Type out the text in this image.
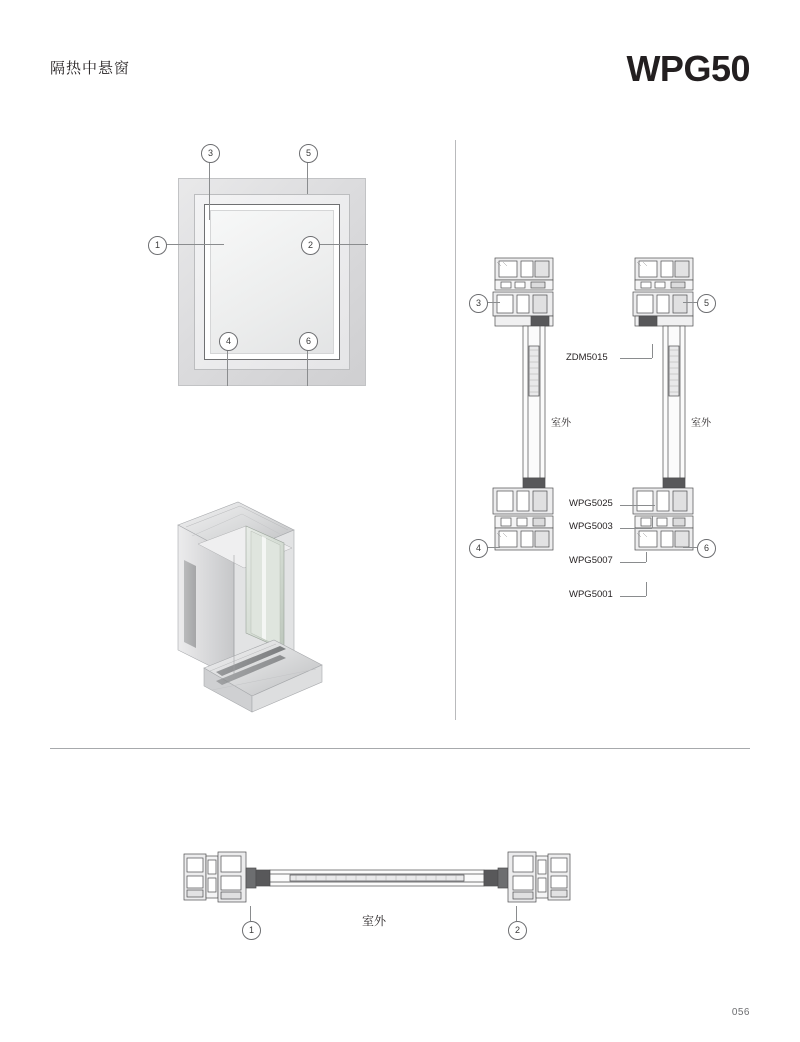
隔热中悬窗	WPG50
1	2
3
4
5
6
3	5
4	6
室外	室外
ZDM5015
WPG5025
WPG5003
WPG5007
WPG5001
室外
1	2
056
